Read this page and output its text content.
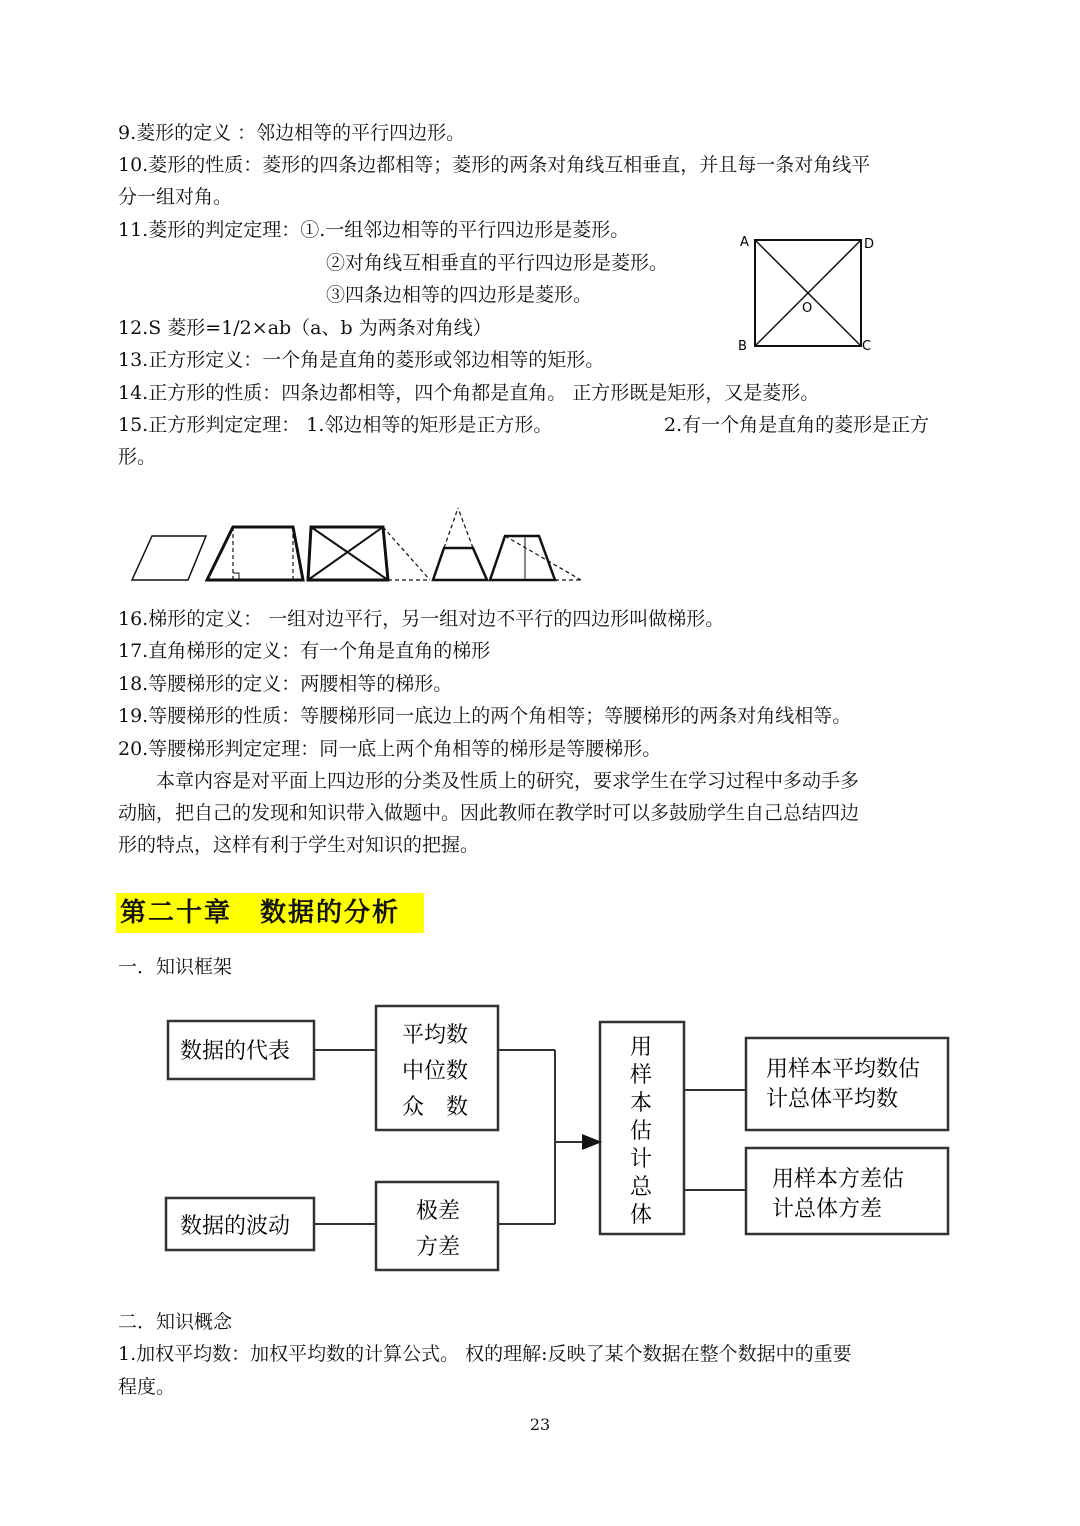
9.菱形的定义 ：邻边相等的平行四边形。
10.菱形的性质：菱形的四条边都相等；菱形的两条对角线互相垂直，并且每一条对角线平
分一组对角。
11.菱形的判定定理：①.一组邻边相等的平行四边形是菱形。
②对角线互相垂直的平行四边形是菱形。
③四条边相等的四边形是菱形。
12.S 菱形=1/2×ab（a、b 为两条对角线）
13.正方形定义：一个角是直角的菱形或邻边相等的矩形。
14.正方形的性质：四条边都相等，四个角都是直角。 正方形既是矩形，又是菱形。
15.正方形判定定理： 1.邻边相等的矩形是正方形。	2.有一个角是直角的菱形是正方
形。
A	D
B	C
O
16.梯形的定义： 一组对边平行，另一组对边不平行的四边形叫做梯形。
17.直角梯形的定义：有一个角是直角的梯形
18.等腰梯形的定义：两腰相等的梯形。
19.等腰梯形的性质：等腰梯形同一底边上的两个角相等；等腰梯形的两条对角线相等。
20.等腰梯形判定定理：同一底上两个角相等的梯形是等腰梯形。
本章内容是对平面上四边形的分类及性质上的研究，要求学生在学习过程中多动手多
动脑，把自己的发现和知识带入做题中。因此教师在教学时可以多鼓励学生自己总结四边
形的特点，这样有利于学生对知识的把握。
第二十章　数据的分析
一．知识框架
数据的代表
平均数
中位数
众　数
数据的波动
极差
方差
用
样
本
估
计
总
体
用样本平均数估
计总体平均数
用样本方差估
计总体方差
二．知识概念
1.加权平均数：加权平均数的计算公式。 权的理解:反映了某个数据在整个数据中的重要
程度。
23
